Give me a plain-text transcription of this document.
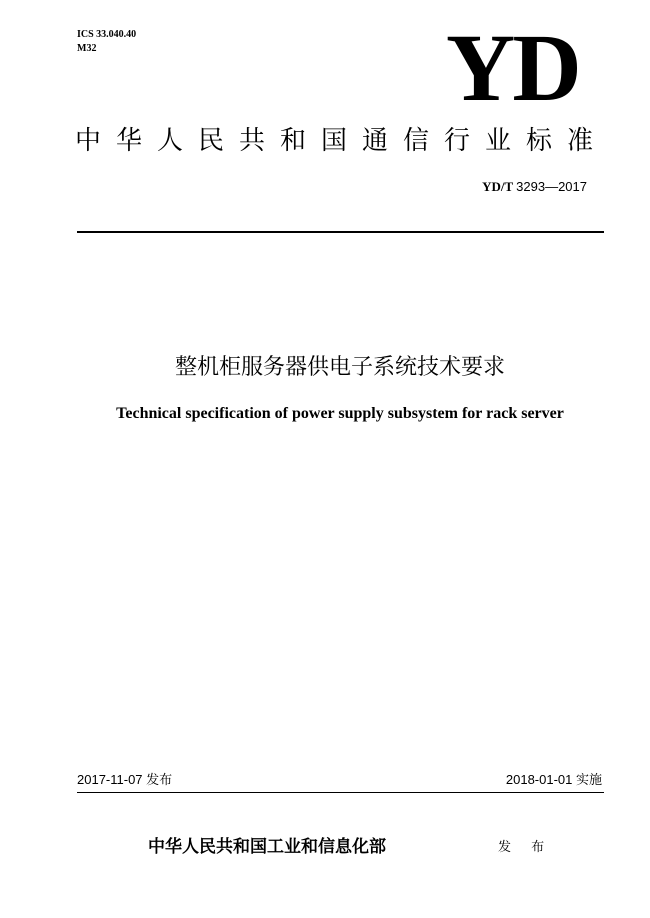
ICS 33.040.40
M32	YD
中华人民共和国通信行业标准
YD/T 3293—2017
整机柜服务器供电子系统技术要求
Technical specification of power supply subsystem for rack server
2017-11-07 发布	2018-01-01 实施
中华人民共和国工业和信息化部	发 布
